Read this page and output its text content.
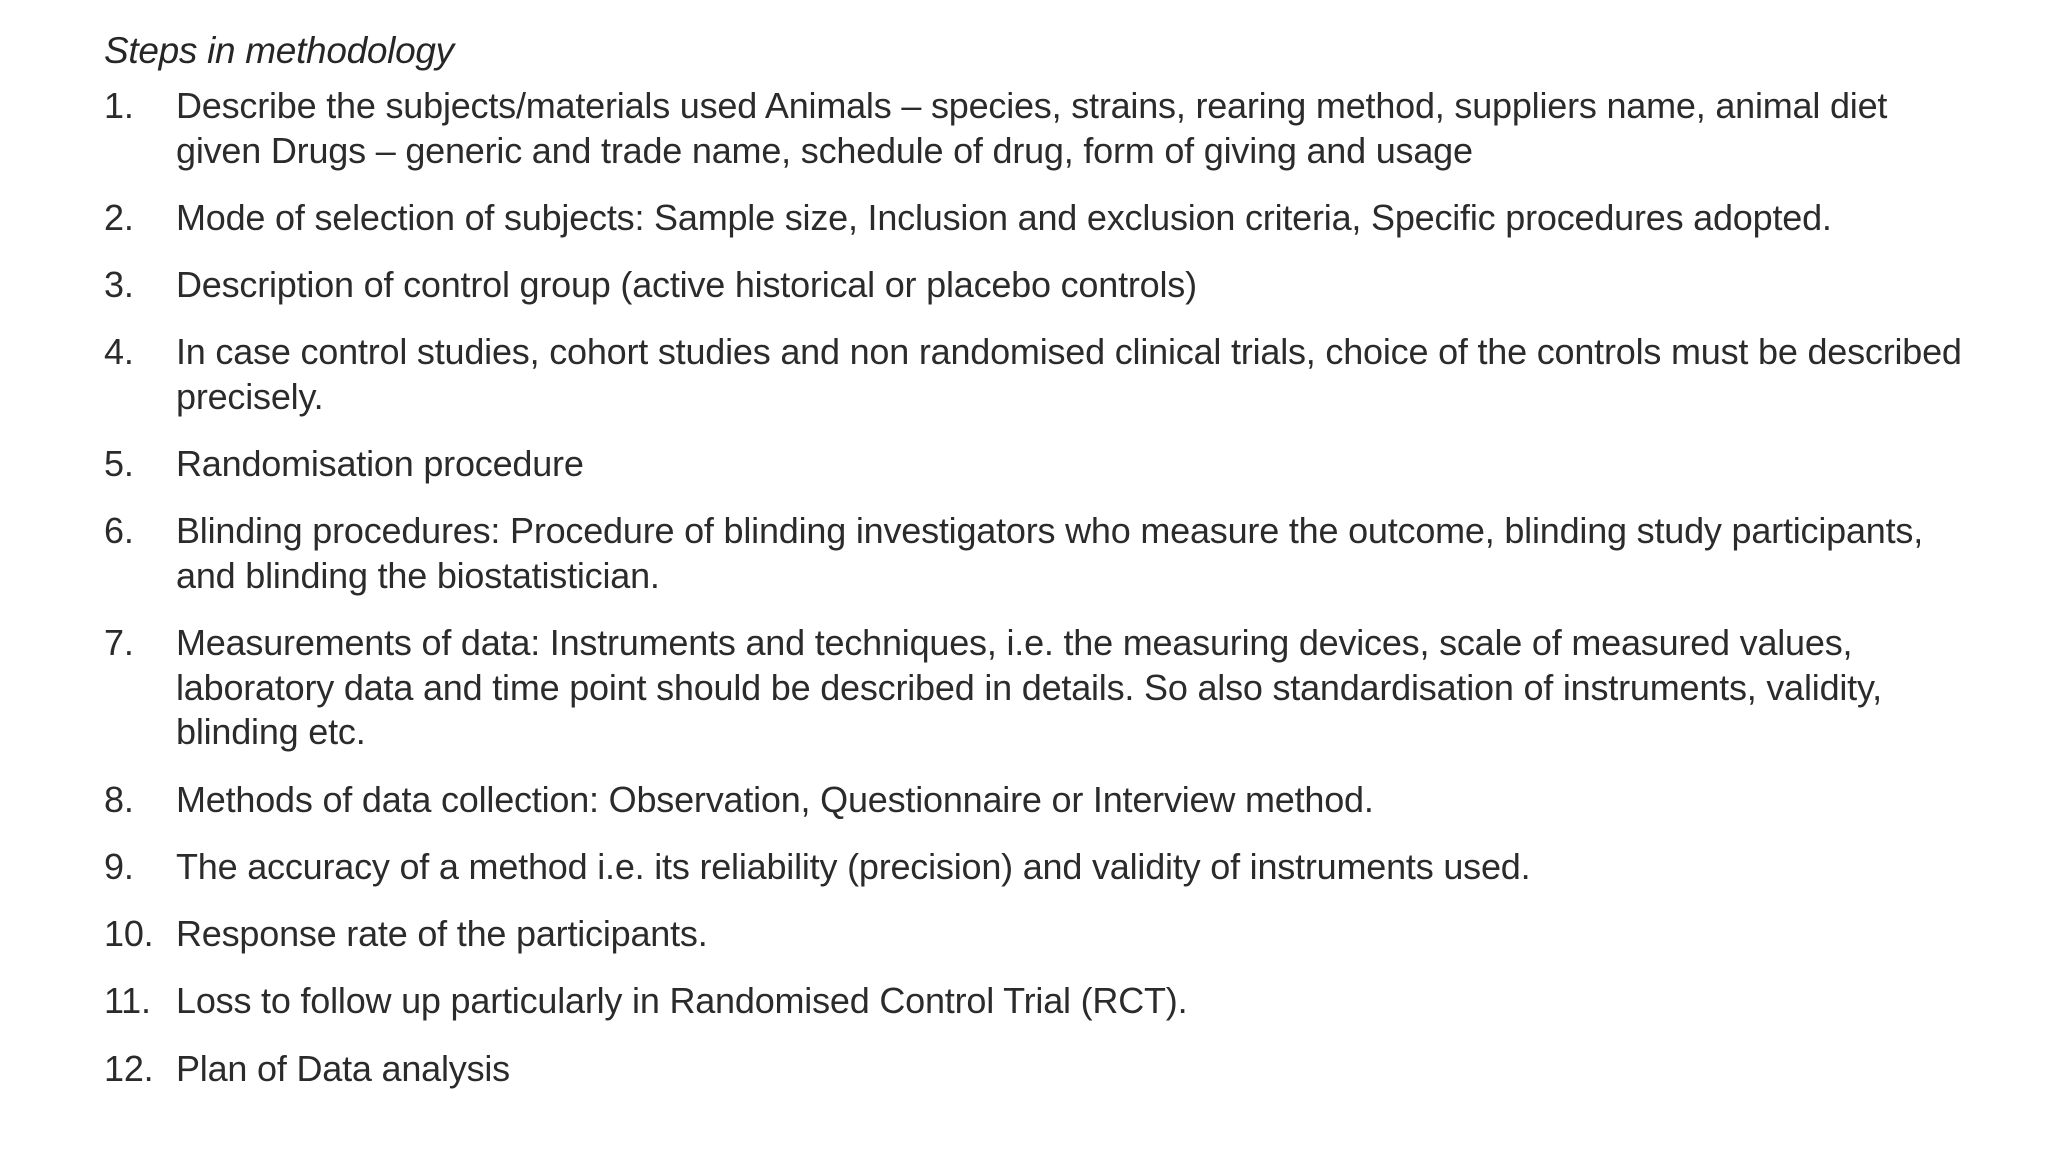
Steps in methodology
1.	Describe the subjects/materials used Animals – species, strains, rearing method, suppliers name, animal diet given Drugs – generic and trade name, schedule of drug, form of giving and usage
2.	Mode of selection of subjects: Sample size, Inclusion and exclusion criteria, Specific procedures adopted.
3.	Description of control group (active historical or placebo controls)
4.	In case control studies, cohort studies and non randomised clinical trials, choice of the controls must be described precisely.
5.	Randomisation procedure
6.	Blinding procedures: Procedure of blinding investigators who measure the outcome, blinding study participants, and blinding the biostatistician.
7.	Measurements of data: Instruments and techniques, i.e. the measuring devices, scale of measured values, laboratory data and time point should be described in details. So also standardisation of instruments, validity, blinding etc.
8.	Methods of data collection: Observation, Questionnaire or Interview method.
9.	The accuracy of a method i.e. its reliability (precision) and validity of instruments used.
10. Response rate of the participants.
11. Loss to follow up particularly in Randomised Control Trial (RCT).
12. Plan of Data analysis
